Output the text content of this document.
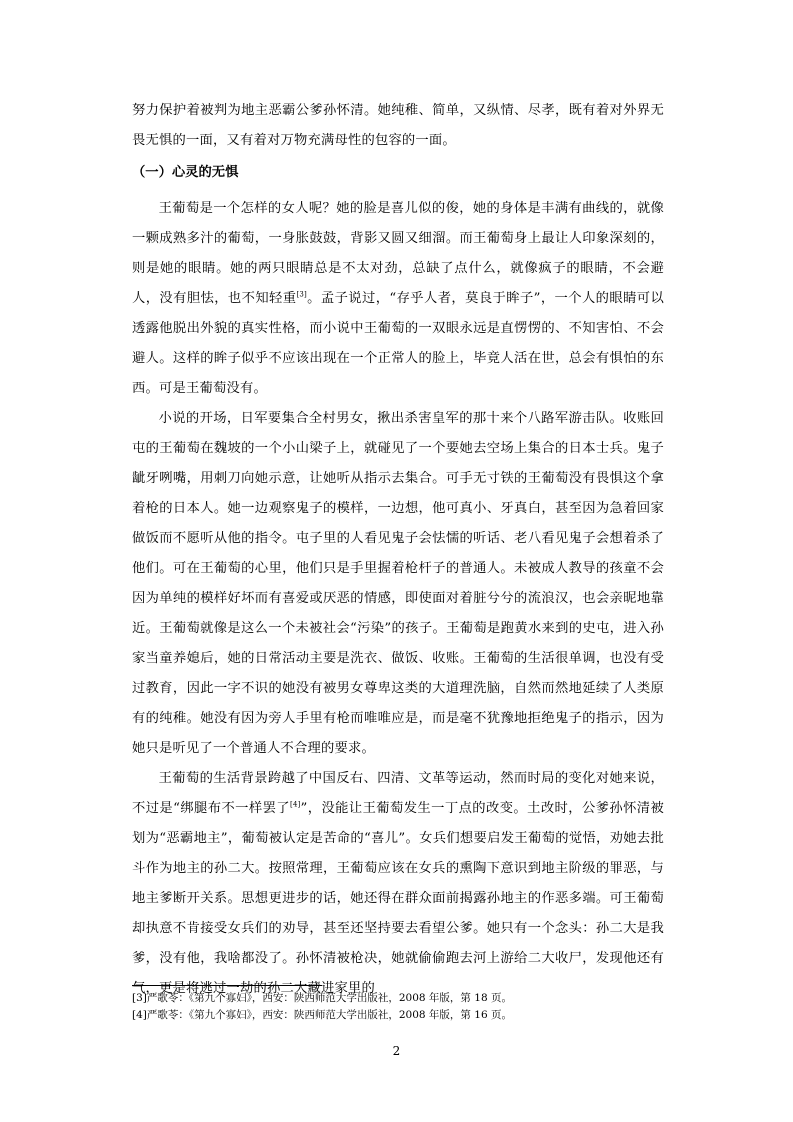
努力保护着被判为地主恶霸公爹孙怀清。她纯稚、简单，又纵情、尽孝，既有着对外界无畏无惧的一面，又有着对万物充满母性的包容的一面。

（一）心灵的无惧

王葡萄是一个怎样的女人呢？她的脸是喜儿似的俊，她的身体是丰满有曲线的，就像一颗成熟多汁的葡萄，一身胀鼓鼓，背影又圆又细溜。而王葡萄身上最让人印象深刻的，则是她的眼睛。她的两只眼睛总是不太对劲，总缺了点什么，就像疯子的眼睛，不会避人，没有胆怯，也不知轻重[3]。孟子说过，“存乎人者，莫良于眸子”，一个人的眼睛可以透露他脱出外貌的真实性格，而小说中王葡萄的一双眼永远是直愣愣的、不知害怕、不会避人。这样的眸子似乎不应该出现在一个正常人的脸上，毕竟人活在世，总会有惧怕的东西。可是王葡萄没有。

小说的开场，日军要集合全村男女，揪出杀害皇军的那十来个八路军游击队。收账回屯的王葡萄在魏坡的一个小山梁子上，就碰见了一个要她去空场上集合的日本士兵。鬼子龇牙咧嘴，用刺刀向她示意，让她听从指示去集合。可手无寸铁的王葡萄没有畏惧这个拿着枪的日本人。她一边观察鬼子的模样，一边想，他可真小、牙真白，甚至因为急着回家做饭而不愿听从他的指令。屯子里的人看见鬼子会怯懦的听话、老八看见鬼子会想着杀了他们。可在王葡萄的心里，他们只是手里握着枪杆子的普通人。未被成人教导的孩童不会因为单纯的模样好坏而有喜爱或厌恶的情感，即使面对着脏兮兮的流浪汉，也会亲昵地靠近。王葡萄就像是这么一个未被社会“污染”的孩子。王葡萄是跑黄水来到的史屯，进入孙家当童养媳后，她的日常活动主要是洗衣、做饭、收账。王葡萄的生活很单调，也没有受过教育，因此一字不识的她没有被男女尊卑这类的大道理洗脑，自然而然地延续了人类原有的纯稚。她没有因为旁人手里有枪而唯唯应是，而是毫不犹豫地拒绝鬼子的指示，因为她只是听见了一个普通人不合理的要求。

王葡萄的生活背景跨越了中国反右、四清、文革等运动，然而时局的变化对她来说，不过是“绑腿布不一样罢了[4]”，没能让王葡萄发生一丁点的改变。土改时，公爹孙怀清被划为“恶霸地主”，葡萄被认定是苦命的“喜儿”。女兵们想要启发王葡萄的觉悟，劝她去批斗作为地主的孙二大。按照常理，王葡萄应该在女兵的熏陶下意识到地主阶级的罪恶，与地主爹断开关系。思想更进步的话，她还得在群众面前揭露孙地主的作恶多端。可王葡萄却执意不肯接受女兵们的劝导，甚至还坚持要去看望公爹。她只有一个念头：孙二大是我爹，没有他，我啥都没了。孙怀清被枪决，她就偷偷跑去河上游给二大收尸，发现他还有气，更是将逃过一劫的孙二大藏进家里的

[3]严歌苓：《第九个寡妇》，西安：陕西师范大学出版社，2008 年版，第 18 页。
[4]严歌苓：《第九个寡妇》，西安：陕西师范大学出版社，2008 年版，第 16 页。
2
